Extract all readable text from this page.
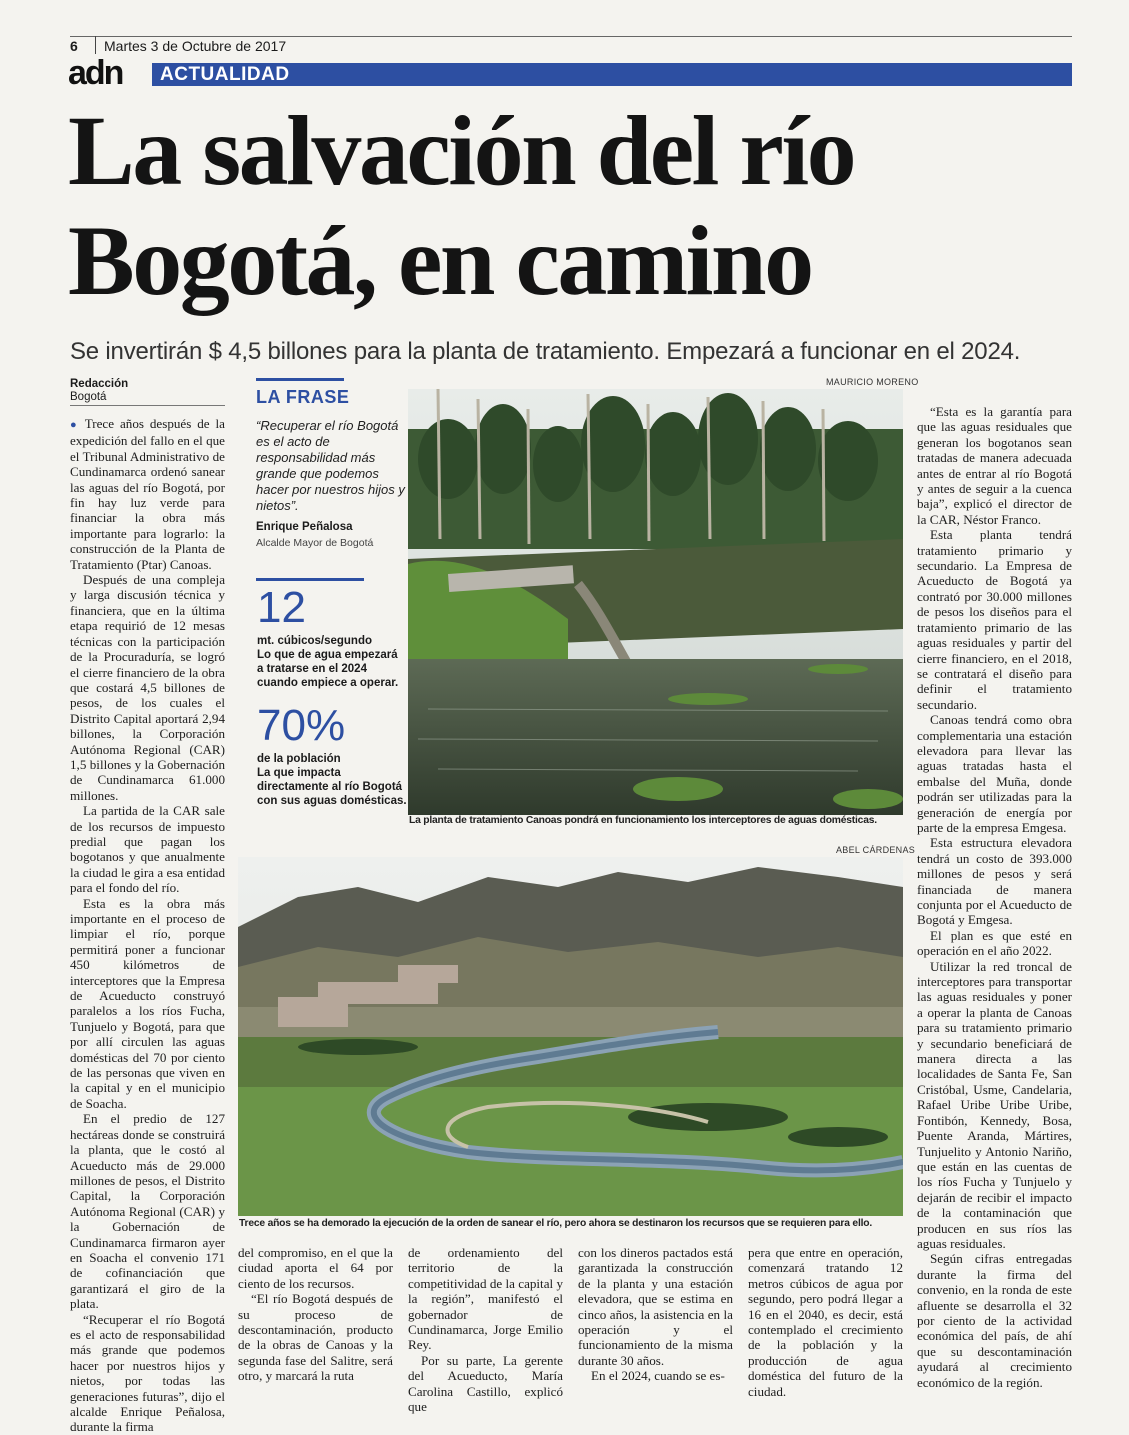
6 Martes 3 de Octubre de 2017
adn ACTUALIDAD
La salvación del río
Bogotá, en camino

Se invertirán $ 4,5 billones para la planta de tratamiento. Empezará a funcionar en el 2024.

Redacción
Bogotá

● Trece años después de la expedición del fallo en el que el Tribunal Administrativo de Cundinamarca ordenó sanear las aguas del río Bogotá, por fin hay luz verde para financiar la obra más importante para lograrlo: la construcción de la Planta de Tratamiento (Ptar) Canoas.

Después de una compleja y larga discusión técnica y financiera, que en la última etapa requirió de 12 mesas técnicas con la participación de la Procuraduría, se logró el cierre financiero de la obra que costará 4,5 billones de pesos, de los cuales el Distrito Capital aportará 2,94 billones, la Corporación Autónoma Regional (CAR) 1,5 billones y la Gobernación de Cundinamarca 61.000 millones.

La partida de la CAR sale de los recursos de impuesto predial que pagan los bogotanos y que anualmente la ciudad le gira a esa entidad para el fondo del río.

Esta es la obra más importante en el proceso de limpiar el río, porque permitirá poner a funcionar 450 kilómetros de interceptores que la Empresa de Acueducto construyó paralelos a los ríos Fucha, Tunjuelo y Bogotá, para que por allí circulen las aguas domésticas del 70 por ciento de las personas que viven en la capital y en el municipio de Soacha.

En el predio de 127 hectáreas donde se construirá la planta, que le costó al Acueducto más de 29.000 millones de pesos, el Distrito Capital, la Corporación Autónoma Regional (CAR) y la Gobernación de Cundinamarca firmaron ayer en Soacha el convenio 171 de cofinanciación que garantizará el giro de la plata.

“Recuperar el río Bogotá es el acto de responsabilidad más grande que podemos hacer por nuestros hijos y nietos, por todas las generaciones futuras”, dijo el alcalde Enrique Peñalosa, durante la firma

LA FRASE
“Recuperar el río Bogotá es el acto de responsabilidad más grande que podemos hacer por nuestros hijos y nietos”.
Enrique Peñalosa
Alcalde Mayor de Bogotá
12
mt. cúbicos/segundo
Lo que de agua empezará a tratarse en el 2024 cuando empiece a operar.
70%
de la población
La que impacta directamente al río Bogotá con sus aguas domésticas.
MAURICIO MORENO
La planta de tratamiento Canoas pondrá en funcionamiento los interceptores de aguas domésticas.
ABEL CÁRDENAS
Trece años se ha demorado la ejecución de la orden de sanear el río, pero ahora se destinaron los recursos que se requieren para ello.

del compromiso, en el que la ciudad aporta el 64 por ciento de los recursos.

“El río Bogotá después de su proceso de descontaminación, producto de la obras de Canoas y la segunda fase del Salitre, será otro, y marcará la ruta

de ordenamiento del territorio de la competitividad de la capital y la región”, manifestó el gobernador de Cundinamarca, Jorge Emilio Rey.

Por su parte, La gerente del Acueducto, María Carolina Castillo, explicó que

con los dineros pactados está garantizada la construcción de la planta y una estación elevadora, que se estima en cinco años, la asistencia en la operación y el funcionamiento de la misma durante 30 años.

En el 2024, cuando se es-

pera que entre en operación, comenzará tratando 12 metros cúbicos de agua por segundo, pero podrá llegar a 16 en el 2040, es decir, está contemplado el crecimiento de la población y la producción de agua doméstica del futuro de la ciudad.

“Esta es la garantía para que las aguas residuales que generan los bogotanos sean tratadas de manera adecuada antes de entrar al río Bogotá y antes de seguir a la cuenca baja”, explicó el director de la CAR, Néstor Franco.

Esta planta tendrá tratamiento primario y secundario. La Empresa de Acueducto de Bogotá ya contrató por 30.000 millones de pesos los diseños para el tratamiento primario de las aguas residuales y partir del cierre financiero, en el 2018, se contratará el diseño para definir el tratamiento secundario.

Canoas tendrá como obra complementaria una estación elevadora para llevar las aguas tratadas hasta el embalse del Muña, donde podrán ser utilizadas para la generación de energía por parte de la empresa Emgesa.

Esta estructura elevadora tendrá un costo de 393.000 millones de pesos y será financiada de manera conjunta por el Acueducto de Bogotá y Emgesa.

El plan es que esté en operación en el año 2022.

Utilizar la red troncal de interceptores para transportar las aguas residuales y poner a operar la planta de Canoas para su tratamiento primario y secundario beneficiará de manera directa a las localidades de Santa Fe, San Cristóbal, Usme, Candelaria, Rafael Uribe Uribe Uribe, Fontibón, Kennedy, Bosa, Puente Aranda, Mártires, Tunjuelito y Antonio Nariño, que están en las cuentas de los ríos Fucha y Tunjuelo y dejarán de recibir el impacto de la contaminación que producen en sus ríos las aguas residuales.

Según cifras entregadas durante la firma del convenio, en la ronda de este afluente se desarrolla el 32 por ciento de la actividad económica del país, de ahí que su descontaminación ayudará al crecimiento económico de la región.
